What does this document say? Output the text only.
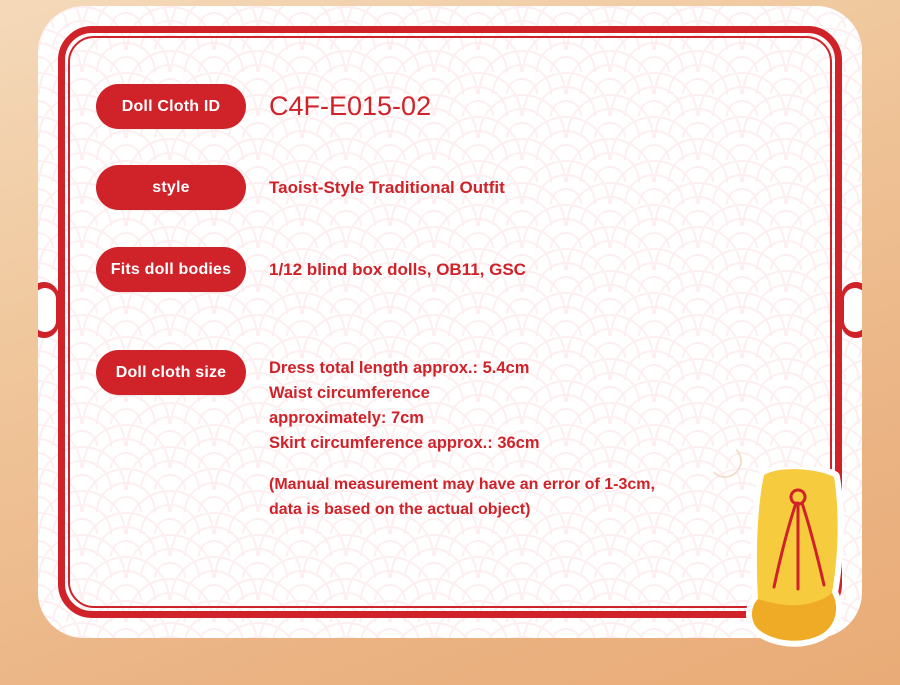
Doll Cloth ID	C4F-E015-02
style	Taoist-Style Traditional Outfit
Fits doll bodies	1/12 blind box dolls, OB11, GSC
Doll cloth size	Dress total length approx.: 5.4cm
Waist circumference
approximately: 7cm
Skirt circumference approx.: 36cm
(Manual measurement may have an error of 1-3cm,
data is based on the actual object)
